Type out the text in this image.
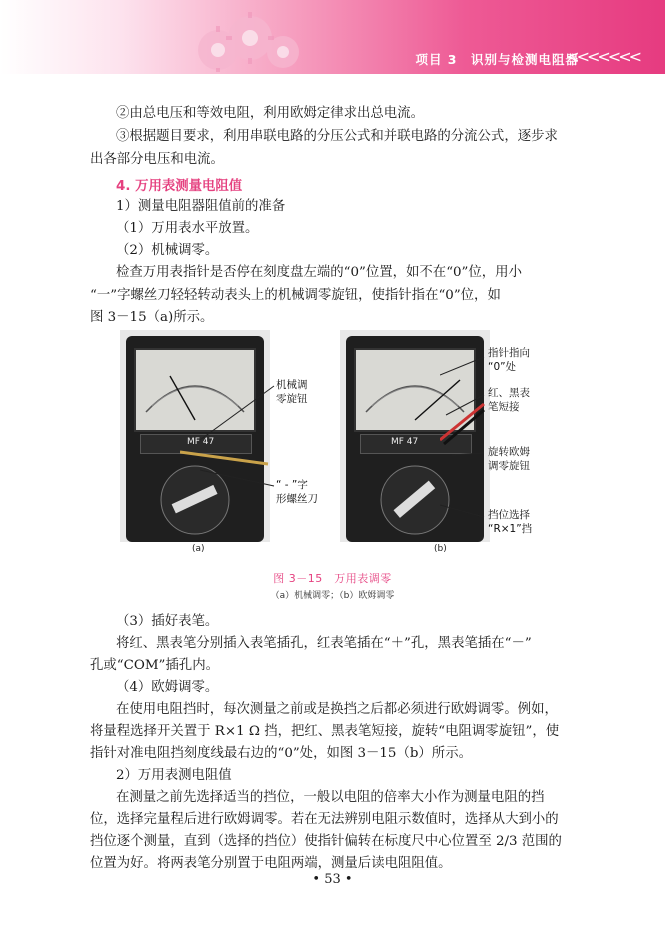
项目 3　识别与检测电阻器
<<<<<<<

②由总电压和等效电阻，利用欧姆定律求出总电流。

③根据题目要求，利用串联电路的分压公式和并联电路的分流公式，逐步求

出各部分电压和电流。

4. 万用表测量电阻值

1）测量电阻器阻值前的准备

（1）万用表水平放置。

（2）机械调零。

检查万用表指针是否停在刻度盘左端的“0”位置，如不在“0”位，用小

“一”字螺丝刀轻轻转动表头上的机械调零旋钮，使指针指在“0”位，如

图 3－15（a)所示。

MF 47
(a)
机械调
零旋钮
“ - ”字
形螺丝刀
MF 47
(b)
指针指向
“0”处
红、黑表
笔短接
旋转欧姆
调零旋钮
挡位选择
“R×1”挡
图 3－15　万用表调零
（a）机械调零；（b）欧姆调零

（3）插好表笔。

将红、黑表笔分别插入表笔插孔，红表笔插在“＋”孔，黑表笔插在“－”

孔或“COM”插孔内。

（4）欧姆调零。

在使用电阻挡时，每次测量之前或是换挡之后都必须进行欧姆调零。例如，

将量程选择开关置于 R×1 Ω 挡，把红、黑表笔短接，旋转“电阻调零旋钮”，使

指针对准电阻挡刻度线最右边的“0”处，如图 3－15（b）所示。

2）万用表测电阻值

在测量之前先选择适当的挡位，一般以电阻的倍率大小作为测量电阻的挡

位，选择完量程后进行欧姆调零。若在无法辨别电阻示数值时，选择从大到小的

挡位逐个测量，直到（选择的挡位）使指针偏转在标度尺中心位置至 2/3 范围的

位置为好。将两表笔分别置于电阻两端，测量后读电阻阻值。

• 53 •
